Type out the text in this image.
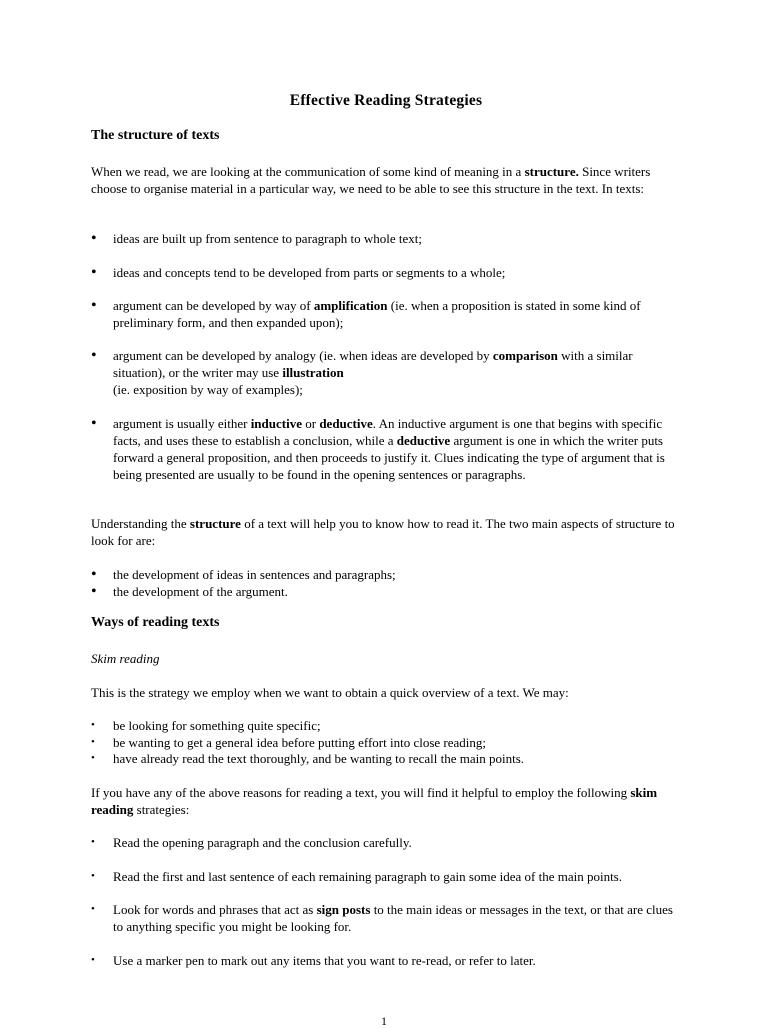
Effective Reading Strategies
The structure of texts
When we read, we are looking at the communication of some kind of meaning in a structure. Since writers choose to organise material in a particular way, we need to be able to see this structure in the text. In texts:
•	ideas are built up from sentence to paragraph to whole text;
•	ideas and concepts tend to be developed from parts or segments to a whole;
•	argument can be developed by way of amplification (ie. when a proposition is stated in some kind of preliminary form, and then expanded upon);
•	argument can be developed by analogy (ie. when ideas are developed by comparison with a similar situation), or the writer may use illustration
(ie. exposition by way of examples);
•	argument is usually either inductive or deductive. An inductive argument is one that begins with specific facts, and uses these to establish a conclusion, while a deductive argument is one in which the writer puts forward a general proposition, and then proceeds to justify it. Clues indicating the type of argument that is being presented are usually to be found in the opening sentences or paragraphs.
Understanding the structure of a text will help you to know how to read it. The two main aspects of structure to look for are:
•	the development of ideas in sentences and paragraphs;
•	the development of the argument.
Ways of reading texts
Skim reading
This is the strategy we employ when we want to obtain a quick overview of a text. We may:
•	be looking for something quite specific;
•	be wanting to get a general idea before putting effort into close reading;
•	have already read the text thoroughly, and be wanting to recall the main points.
If you have any of the above reasons for reading a text, you will find it helpful to employ the following skim reading strategies:
•	Read the opening paragraph and the conclusion carefully.
•	Read the first and last sentence of each remaining paragraph to gain some idea of the main points.
•	Look for words and phrases that act as sign posts to the main ideas or messages in the text, or that are clues to anything specific you might be looking for.
•	Use a marker pen to mark out any items that you want to re-read, or refer to later.
1
